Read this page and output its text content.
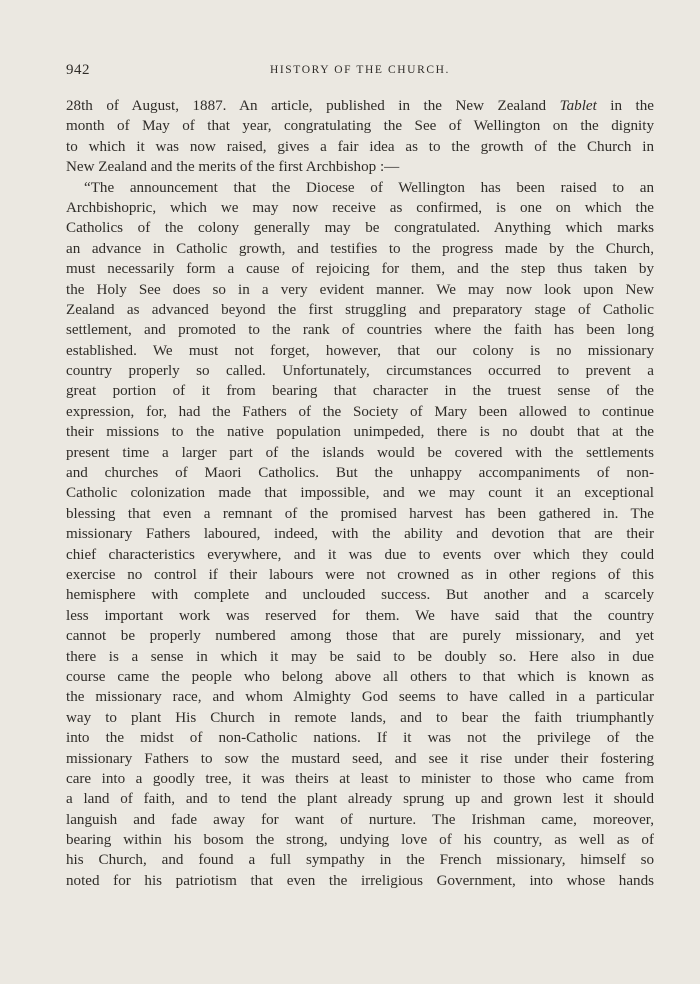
942	HISTORY OF THE CHURCH.
28th of August, 1887. An article, published in the New Zealand Tablet in the
month of May of that year, congratulating the See of Wellington on the dignity
to which it was now raised, gives a fair idea as to the growth of the Church in
New Zealand and the merits of the first Archbishop :—
“The announcement that the Diocese of Wellington has been raised to an
Archbishopric, which we may now receive as confirmed, is one on which the
Catholics of the colony generally may be congratulated. Anything which marks
an advance in Catholic growth, and testifies to the progress made by the Church,
must necessarily form a cause of rejoicing for them, and the step thus taken by
the Holy See does so in a very evident manner. We may now look upon New
Zealand as advanced beyond the first struggling and preparatory stage of Catholic
settlement, and promoted to the rank of countries where the faith has been long
established. We must not forget, however, that our colony is no missionary
country properly so called. Unfortunately, circumstances occurred to prevent a
great portion of it from bearing that character in the truest sense of the
expression, for, had the Fathers of the Society of Mary been allowed to continue
their missions to the native population unimpeded, there is no doubt that at the
present time a larger part of the islands would be covered with the settlements
and churches of Maori Catholics. But the unhappy accompaniments of non-
Catholic colonization made that impossible, and we may count it an exceptional
blessing that even a remnant of the promised harvest has been gathered in. The
missionary Fathers laboured, indeed, with the ability and devotion that are their
chief characteristics everywhere, and it was due to events over which they could
exercise no control if their labours were not crowned as in other regions of this
hemisphere with complete and unclouded success. But another and a scarcely
less important work was reserved for them. We have said that the country
cannot be properly numbered among those that are purely missionary, and yet
there is a sense in which it may be said to be doubly so. Here also in due
course came the people who belong above all others to that which is known as
the missionary race, and whom Almighty God seems to have called in a particular
way to plant His Church in remote lands, and to bear the faith triumphantly
into the midst of non-Catholic nations. If it was not the privilege of the
missionary Fathers to sow the mustard seed, and see it rise under their fostering
care into a goodly tree, it was theirs at least to minister to those who came from
a land of faith, and to tend the plant already sprung up and grown lest it should
languish and fade away for want of nurture. The Irishman came, moreover,
bearing within his bosom the strong, undying love of his country, as well as of
his Church, and found a full sympathy in the French missionary, himself so
noted for his patriotism that even the irreligious Government, into whose hands
